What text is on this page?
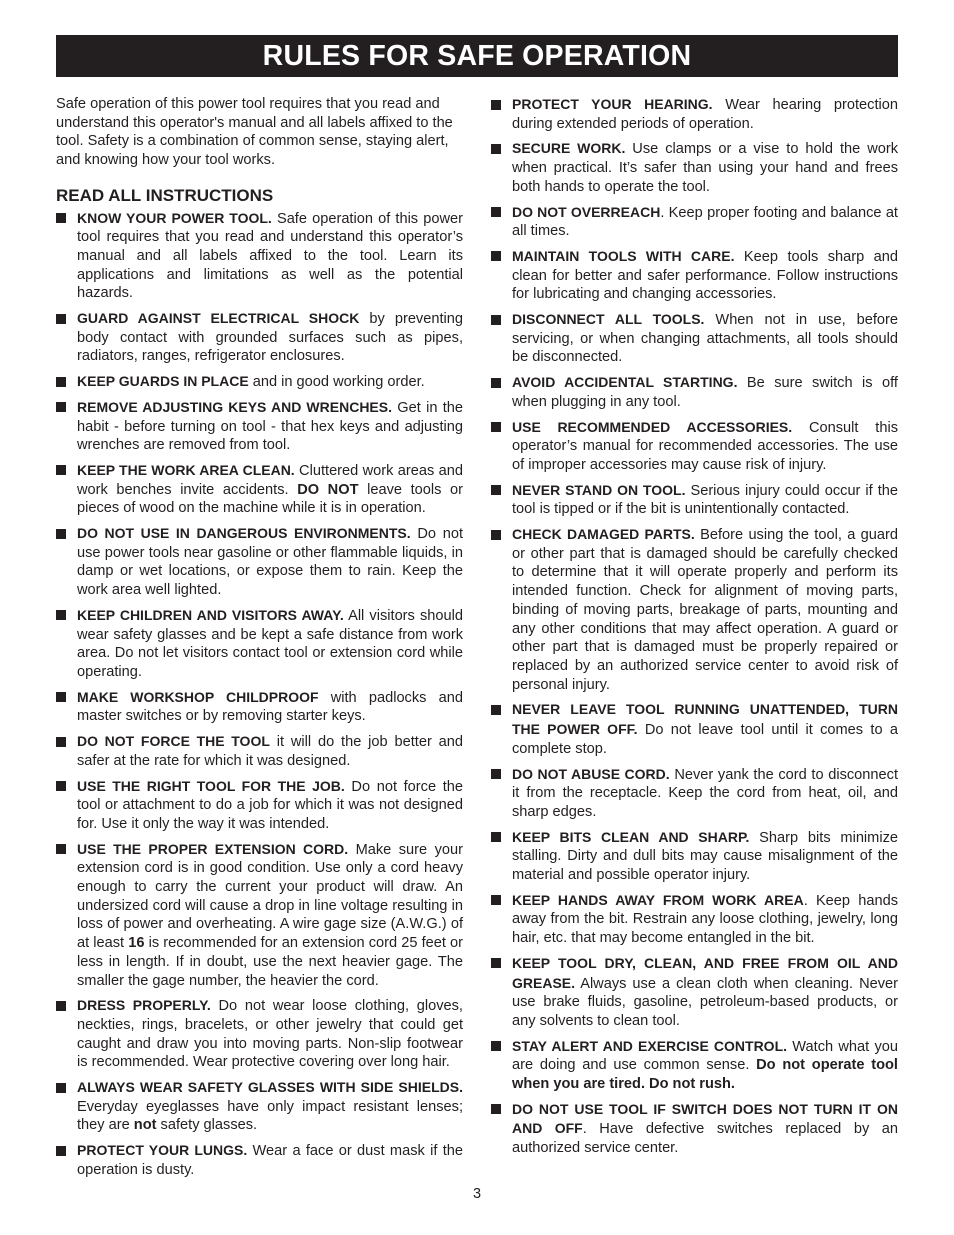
RULES FOR SAFE OPERATION

Safe operation of this power tool requires that you read and understand this operator's manual and all labels affixed to the tool. Safety is a combination of common sense, staying alert, and knowing how your tool works.

READ ALL INSTRUCTIONS
KNOW YOUR POWER TOOL. Safe operation of this power tool requires that you read and understand this operator’s manual and all labels affixed to the tool. Learn its applications and limitations as well as the potential hazards.
GUARD AGAINST ELECTRICAL SHOCK by preventing body contact with grounded surfaces such as pipes, radiators, ranges, refrigerator enclosures.
KEEP GUARDS IN PLACE and in good working order.
REMOVE ADJUSTING KEYS AND WRENCHES. Get in the habit - before turning on tool - that hex keys and adjusting wrenches are removed from tool.
KEEP THE WORK AREA CLEAN. Cluttered work areas and work benches invite accidents. DO NOT leave tools or pieces of wood on the machine while it is in operation.
DO NOT USE IN DANGEROUS ENVIRONMENTS. Do not use power tools near gasoline or other flammable liquids, in damp or wet locations, or expose them to rain. Keep the work area well lighted.
KEEP CHILDREN AND VISITORS AWAY. All visitors should wear safety glasses and be kept a safe distance from work area. Do not let visitors contact tool or extension cord while operating.
MAKE WORKSHOP CHILDPROOF with padlocks and master switches or by removing starter keys.
DO NOT FORCE THE TOOL it will do the job better and safer at the rate for which it was designed.
USE THE RIGHT TOOL FOR THE JOB. Do not force the tool or attachment to do a job for which it was not designed for. Use it only the way it was intended.
USE THE PROPER EXTENSION CORD. Make sure your extension cord is in good condition. Use only a cord heavy enough to carry the current your product will draw. An undersized cord will cause a drop in line voltage resulting in loss of power and overheating. A wire gage size (A.W.G.) of at least 16 is recommended for an extension cord 25 feet or less in length. If in doubt, use the next heavier gage. The smaller the gage number, the heavier the cord.
DRESS PROPERLY. Do not wear loose clothing, gloves, neckties, rings, bracelets, or other jewelry that could get caught and draw you into moving parts. Non-slip footwear is recommended. Wear protective covering over long hair.
ALWAYS WEAR SAFETY GLASSES WITH SIDE SHIELDS. Everyday eyeglasses have only impact resistant lenses; they are not safety glasses.
PROTECT YOUR LUNGS. Wear a face or dust mask if the operation is dusty.
PROTECT YOUR HEARING. Wear hearing protection during extended periods of operation.
SECURE WORK. Use clamps or a vise to hold the work when practical. It’s safer than using your hand and frees both hands to operate the tool.
DO NOT OVERREACH. Keep proper footing and balance at all times.
MAINTAIN TOOLS WITH CARE. Keep tools sharp and clean for better and safer performance. Follow instructions for lubricating and changing accessories.
DISCONNECT ALL TOOLS. When not in use, before servicing, or when changing attachments, all tools should be disconnected.
AVOID ACCIDENTAL STARTING. Be sure switch is off when plugging in any tool.
USE RECOMMENDED ACCESSORIES. Consult this operator’s manual for recommended accessories. The use of improper accessories may cause risk of injury.
NEVER STAND ON TOOL. Serious injury could occur if the tool is tipped or if the bit is unintentionally contacted.
CHECK DAMAGED PARTS. Before using the tool, a guard or other part that is damaged should be carefully checked to determine that it will operate properly and perform its intended function. Check for alignment of moving parts, binding of moving parts, breakage of parts, mounting and any other conditions that may affect operation. A guard or other part that is damaged must be properly repaired or replaced by an authorized service center to avoid risk of personal injury.
NEVER LEAVE TOOL RUNNING UNATTENDED, TURN THE POWER OFF. Do not leave tool until it comes to a complete stop.
DO NOT ABUSE CORD. Never yank the cord to disconnect it from the receptacle. Keep the cord from heat, oil, and sharp edges.
KEEP BITS CLEAN AND SHARP. Sharp bits minimize stalling. Dirty and dull bits may cause misalignment of the material and possible operator injury.
KEEP HANDS AWAY FROM WORK AREA. Keep hands away from the bit. Restrain any loose clothing, jewelry, long hair, etc. that may become entangled in the bit.
KEEP TOOL DRY, CLEAN, AND FREE FROM OIL AND GREASE. Always use a clean cloth when cleaning. Never use brake fluids, gasoline, petroleum-based products, or any solvents to clean tool.
STAY ALERT AND EXERCISE CONTROL. Watch what you are doing and use common sense. Do not operate tool when you are tired. Do not rush.
DO NOT USE TOOL IF SWITCH DOES NOT TURN IT ON AND OFF. Have defective switches replaced by an authorized service center.
3
